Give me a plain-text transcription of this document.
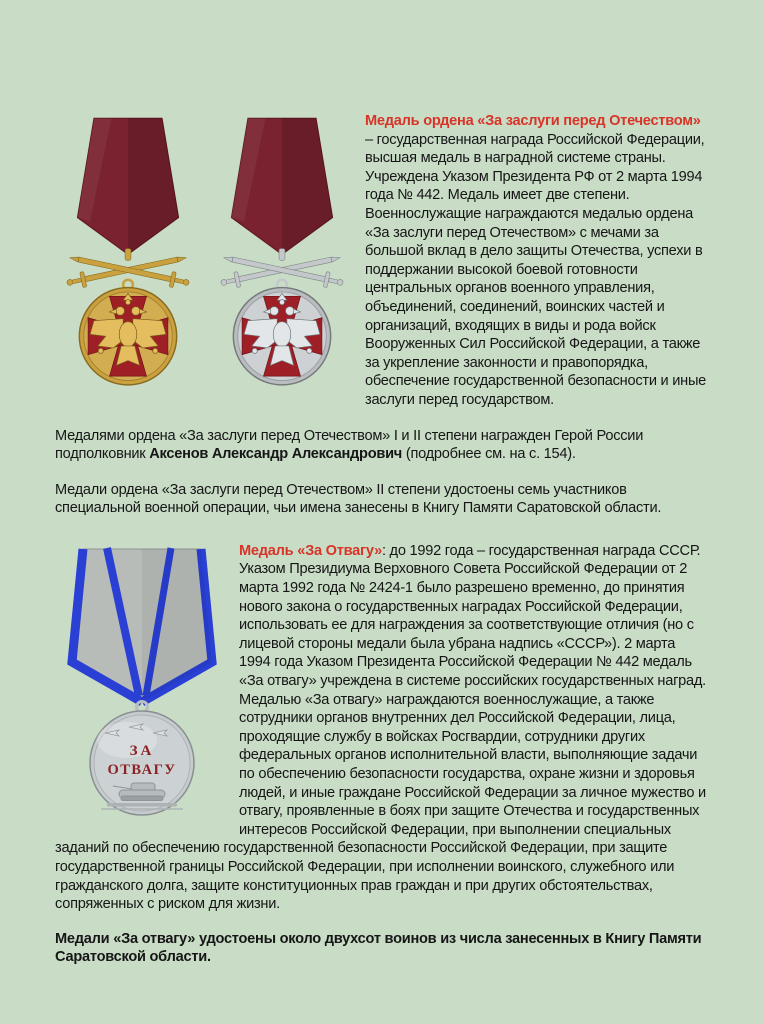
Медаль ордена «За заслуги перед Отечеством» – государственная награда Российской Федерации, высшая медаль в наградной системе страны. Учреждена Указом Президента РФ от 2 марта 1994 года № 442. Медаль имеет две степени. Военнослужащие награждаются медалью ордена «За заслуги перед Отечеством» с мечами за большой вклад в дело защиты Отечества, успехи в поддержании высокой боевой готовности центральных органов военного управления, объединений, соединений, воинских частей и организаций, входящих в виды и рода войск Вооруженных Сил Российской Федерации, а также за укрепление законности и правопорядка, обеспечение государственной безопасности и иные заслуги перед государством.

Медалями ордена «За заслуги перед Отечеством» I и II степени награжден Герой России подполковник Аксенов Александр Александрович (подробнее см. на с. 154).

Медали ордена «За заслуги перед Отечеством» II степени удостоены семь участников специальной военной операции, чьи имена занесены в Книгу Памяти Саратовской области.

ЗА
ОТВАГУ

Медаль «За Отвагу»: до 1992 года – государственная награда СССР. Указом Президиума Верховного Совета Российской Федерации от 2 марта 1992 года № 2424-1 было разрешено временно, до принятия нового закона о государственных наградах Российской Федерации, использовать ее для награждения за соответствующие отличия (но с лицевой стороны медали была убрана надпись «СССР»). 2 марта 1994 года Указом Президента Российской Федерации № 442 медаль «За отвагу» учреждена в системе российских государственных наград.
Медалью «За отвагу» награждаются военнослужащие, а также сотрудники органов внутренних дел Российской Федерации, лица, проходящие службу в войсках Росгвардии, сотрудники других федеральных органов исполнительной власти, выполняющие задачи по обеспечению безопасности государства, охране жизни и здоровья людей, и иные граждане Российской Федерации за личное мужество и отвагу, проявленные в боях при защите Отечества и государственных интересов Российской Федерации, при выполнении специальных заданий по обеспечению государственной безопасности Российской Федерации, при защите государственной границы Российской Федерации, при исполнении воинского, служебного или гражданского долга, защите конституционных прав граждан и при других обстоятельствах, сопряженных с риском для жизни.

Медали «За отвагу» удостоены около двухсот воинов из числа занесенных в Книгу Памяти Саратовской области.
